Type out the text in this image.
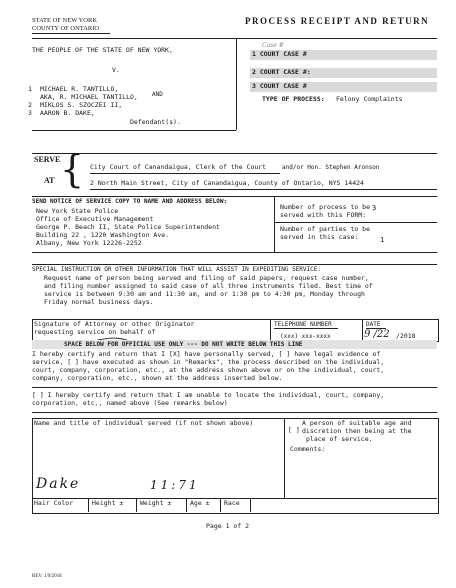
STATE OF NEW YORK
COUNTY OF ONTARIO
PROCESS RECEIPT AND RETURN
THE PEOPLE OF THE STATE OF NEW YORK,
V.
1 MICHAEL R. TANTILLO,
AKA, R. MICHAEL TANTILLO, AND
2 MIKLOS S. SZOCZEI II,
3 AARON B. DAKE,
Defendant(s).
1 COURT CASE #
Case #
2 COURT CASE #:
3 COURT CASE #
TYPE OF PROCESS: Felony Complaints
SERVE
AT { City Court of Canandaigua, Clerk of the Court	and/or Hon. Stephen Aronson
2 North Main Street, City of Canandaigua, County of Ontario, NYS 14424
SEND NOTICE OF SERVICE COPY TO NAME AND ADDRESS BELOW:
New York State Police
Office of Executive Management
George P. Beach II, State Police Superintendent
Building 22 , 1220 Washington Ave.
Albany, New York 12226-2252
Number of process to be
served with this FORM:
3
Number of parties to be
served in this case:	1
SPECIAL INSTRUCTION OR OTHER INFORMATION THAT WILL ASSIST IN EXPEDITING SERVICE:
Request name of person being served and filing of said papers, request case number,
and filing number assigned to said case of all three instruments filed. Best time of
service is between 9:30 am and 11:30 am, and or 1:30 pm to 4:30 pm, Monday through
Friday normal business days.
Signature of Attorney or other Originator
requesting service on behalf of
TELEPHONE NUMBER
(xxx) xxx-xxxx
DATE
9 /22 /2018
SPACE BELOW FOR OFFICIAL USE ONLY --- DO NOT WRITE BELOW THIS LINE
I hereby certify and return that I [X] have personally served, [ ] have legal evidence of
service, [ ] have executed as shown in "Remarks", the process described on the individual,
court, company, corporation, etc., at the address shown above or on the individual, court,
company, corporation, etc., shown at the address inserted below.
[ ] I hereby certify and return that I am unable to locate the individual, court, company,
corporation, etc., named above (See remarks below)
Name and title of individual served (if not shown above)
[ ]
A person of suitable age and
discretion then being at the
place of service.
Comments:
Dake	11:71
Hair Color	Height ±	Weight ±	Age ± Race
Page 1 of 2
REV. 1/9/2018
